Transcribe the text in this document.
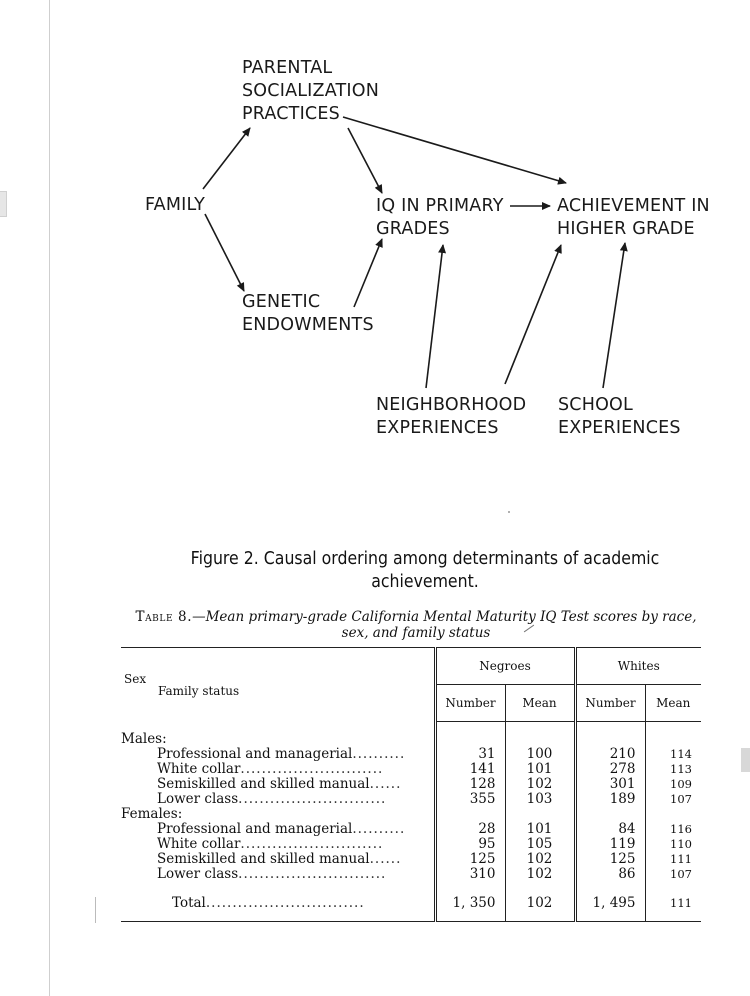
PARENTAL
SOCIALIZATION
PRACTICES
FAMILY	IQ IN PRIMARY
GRADES
ACHIEVEMENT IN
HIGHER GRADE
GENETIC
ENDOWMENTS
NEIGHBORHOOD
EXPERIENCES
SCHOOL
EXPERIENCES
Figure 2. Causal ordering among determinants of academic achievement.
Table 8.—Mean primary-grade California Mental Maturity IQ Test scores by race, sex, and family status
Sex
Family status	Negroes		Whites	
	Number	Mean	Number	Mean

Males:				
Professional and managerial..........	31	100	210	114
White collar...........................	141	101	278	113
Semiskilled and skilled manual......	128	102	301	109
Lower class............................	355	103	189	107
Females:				
Professional and managerial..........	28	101	84	116
White collar...........................	95	105	119	110
Semiskilled and skilled manual......	125	102	125	111
Lower class............................	310	102	86	107

Total..............................	1, 350	102	1, 495	111
